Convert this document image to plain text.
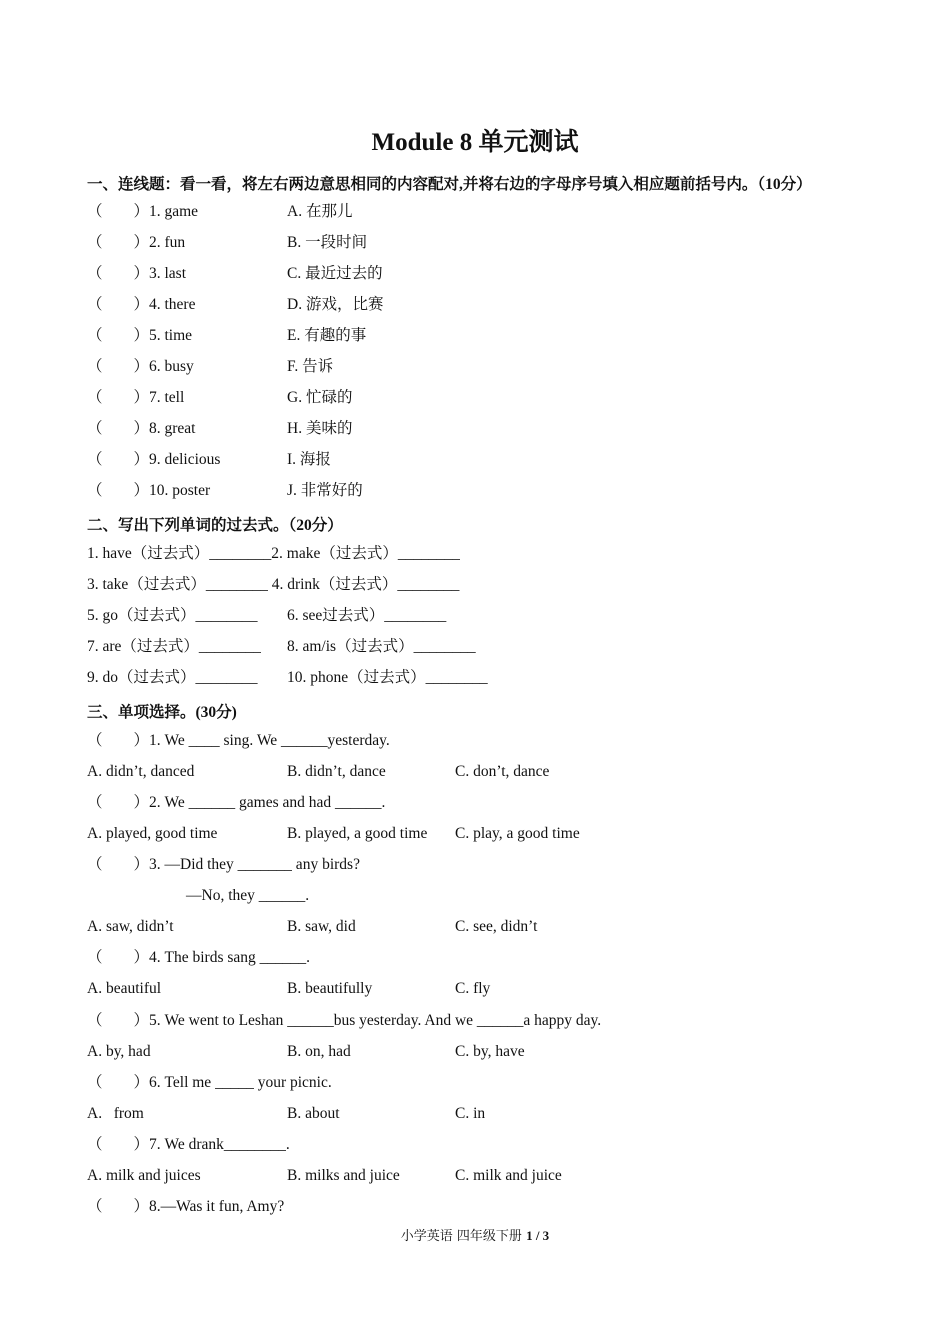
Module 8 单元测试
一、连线题：看一看，将左右两边意思相同的内容配对,并将右边的字母序号填入相应题前括号内。（10分）
（　　）1. game	A. 在那儿
（　　）2. fun	B. 一段时间
（　　）3. last	C. 最近过去的
（　　）4. there	D. 游戏，比赛
（　　）5. time	E. 有趣的事
（　　）6. busy	F. 告诉
（　　）7. tell	G. 忙碌的
（　　）8. great	H. 美味的
（　　）9. delicious	I. 海报
（　　）10. poster	J. 非常好的
二、写出下列单词的过去式。（20分）
1. have（过去式）________2. make（过去式）________
3. take（过去式）________ 4. drink（过去式）________
5. go（过去式）________ 6. see过去式）________
7. are（过去式）________ 8. am/is（过去式）________
9. do（过去式）________ 10. phone（过去式）________
三、单项选择。(30分)
（　　）1. We ____ sing. We ______yesterday.
A. didn’t, danced	B. didn’t, dance	C. don’t, dance
（　　）2. We ______ games and had ______.
A. played, good time	B. played, a good time C. play, a good time
（　　）3. —Did they _______ any birds?
—No, they ______.
A. saw, didn’t	B. saw, did	C. see, didn’t
（　　）4. The birds sang ______.
A. beautiful	B. beautifully	C. fly
（　　）5. We went to Leshan ______bus yesterday. And we ______a happy day.
A. by, had	B. on, had	C. by, have
（　　）6. Tell me _____ your picnic.
A.   from	B. about	C. in
（　　）7. We drank________.
A. milk and juices	B. milks and juice	C. milk and juice
（　　）8.—Was it fun, Amy?
小学英语 四年级下册 1 / 3
